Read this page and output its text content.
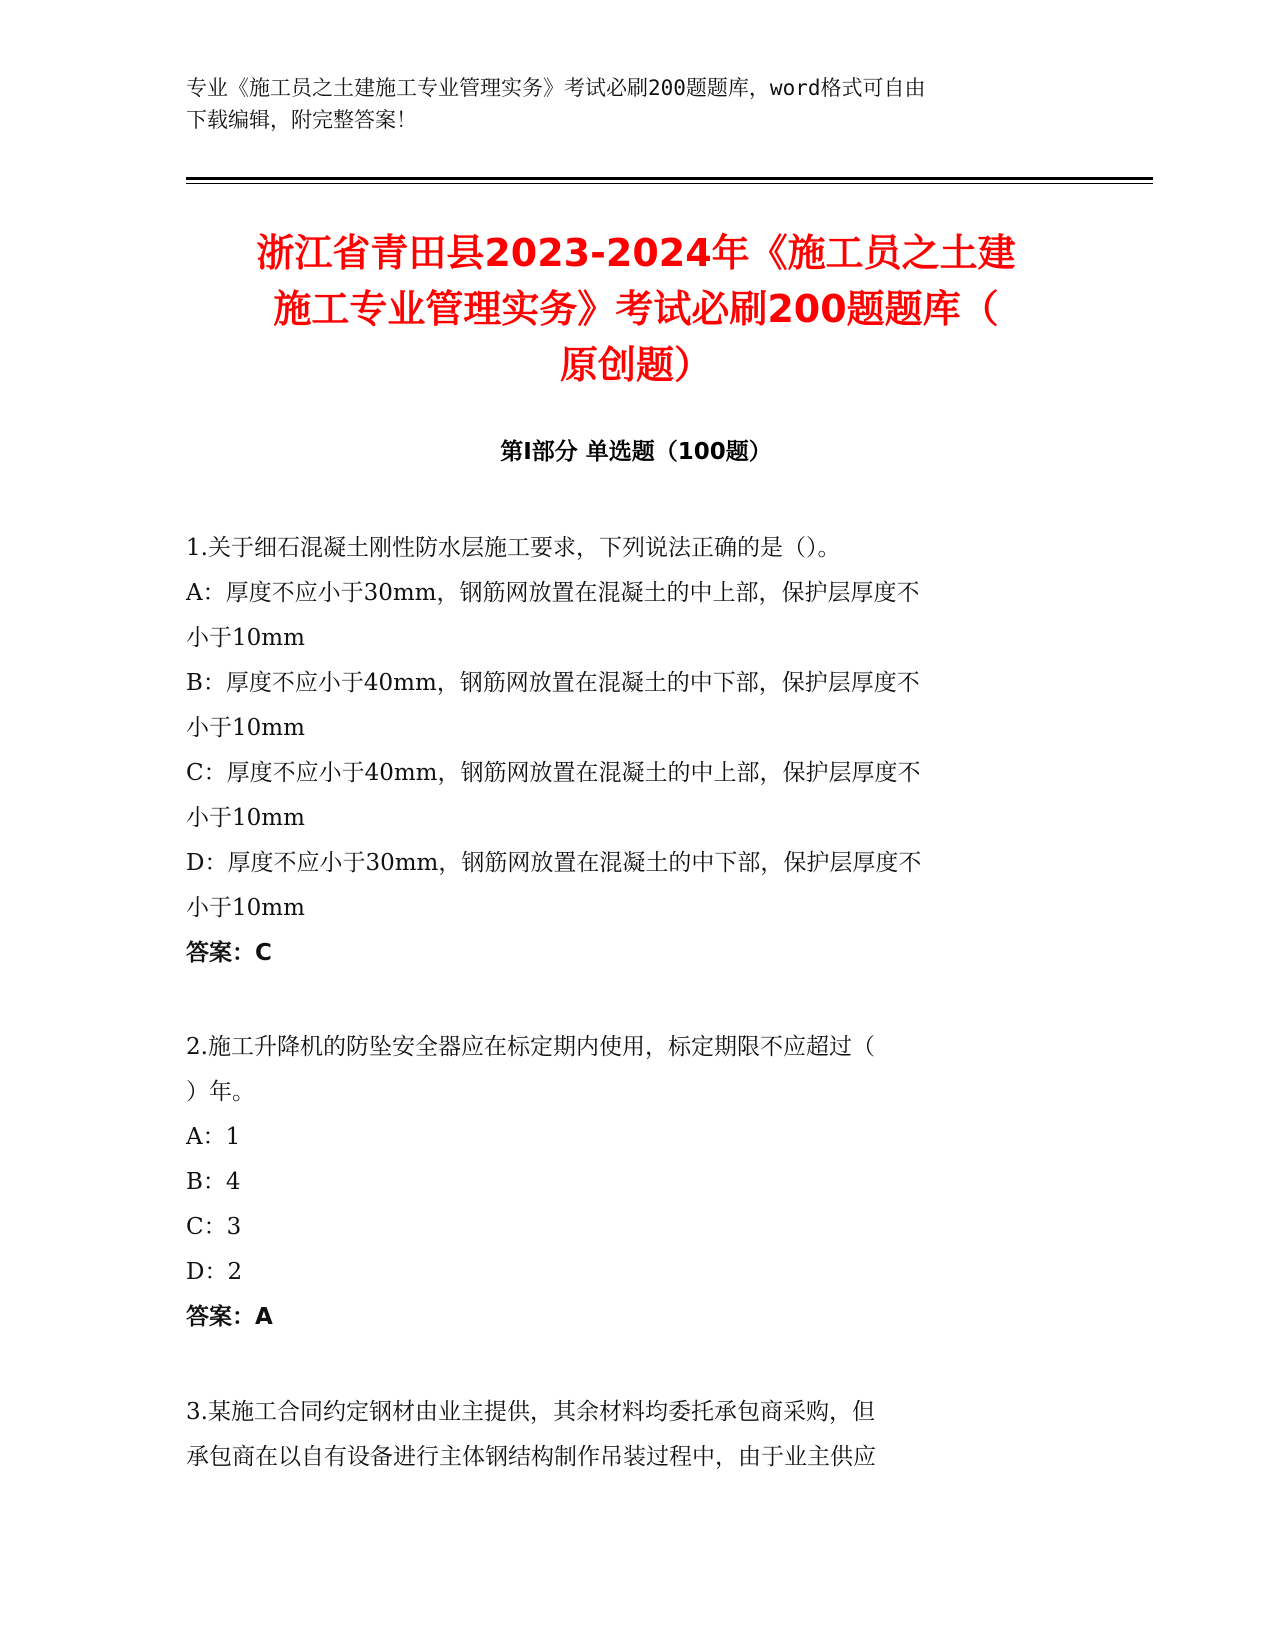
专业《施工员之土建施工专业管理实务》考试必刷200题题库，word格式可自由
下载编辑，附完整答案！
浙江省青田县2023-2024年《施工员之土建
施工专业管理实务》考试必刷200题题库（
原创题）
第I部分 单选题（100题）
1.关于细石混凝土刚性防水层施工要求，下列说法正确的是（）。
A：厚度不应小于30mm，钢筋网放置在混凝土的中上部，保护层厚度不
小于10mm
B：厚度不应小于40mm，钢筋网放置在混凝土的中下部，保护层厚度不
小于10mm
C：厚度不应小于40mm，钢筋网放置在混凝土的中上部，保护层厚度不
小于10mm
D：厚度不应小于30mm，钢筋网放置在混凝土的中下部，保护层厚度不
小于10mm
答案：C
2.施工升降机的防坠安全器应在标定期内使用，标定期限不应超过（
）年。
A：1
B：4
C：3
D：2
答案：A
3.某施工合同约定钢材由业主提供，其余材料均委托承包商采购，但
承包商在以自有设备进行主体钢结构制作吊装过程中，由于业主供应
